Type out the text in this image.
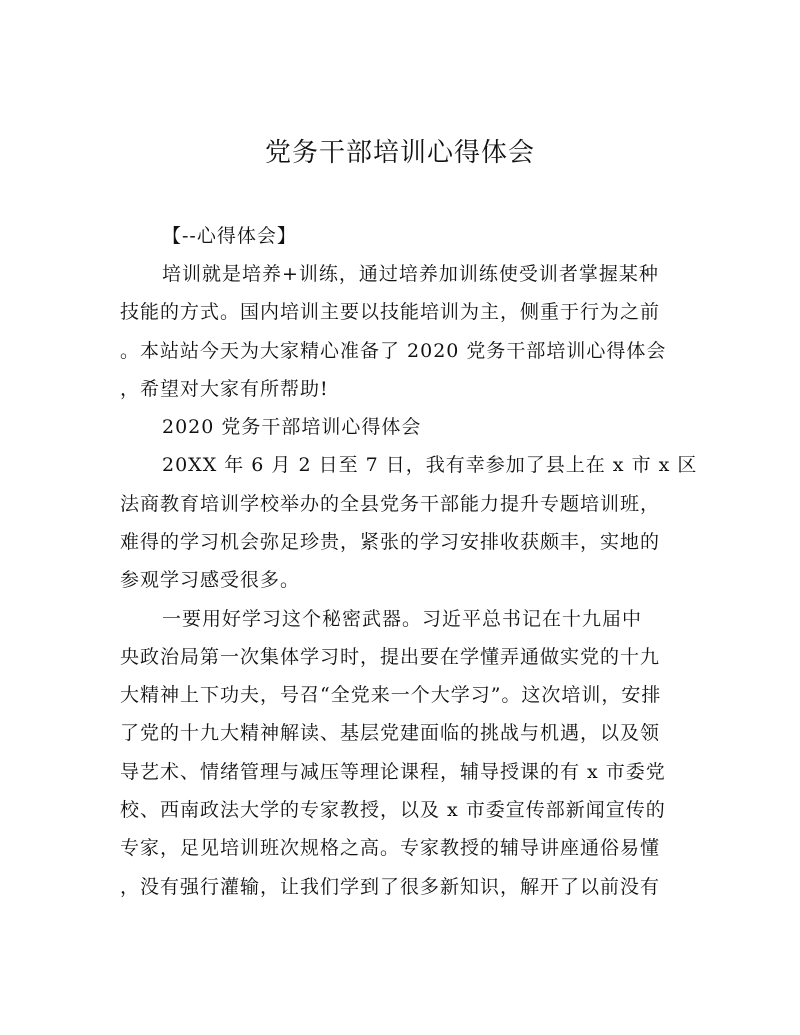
党务干部培训心得体会
【--心得体会】
培训就是培养+训练，通过培养加训练使受训者掌握某种
技能的方式。国内培训主要以技能培训为主，侧重于行为之前
。本站站今天为大家精心准备了 2020 党务干部培训心得体会
，希望对大家有所帮助!
2020 党务干部培训心得体会
20XX 年 6 月 2 日至 7 日，我有幸参加了县上在 x 市 x 区
法商教育培训学校举办的全县党务干部能力提升专题培训班，
难得的学习机会弥足珍贵，紧张的学习安排收获颇丰，实地的
参观学习感受很多。
一要用好学习这个秘密武器。习近平总书记在十九届中
央政治局第一次集体学习时，提出要在学懂弄通做实党的十九
大精神上下功夫，号召“全党来一个大学习”。这次培训，安排
了党的十九大精神解读、基层党建面临的挑战与机遇，以及领
导艺术、情绪管理与减压等理论课程，辅导授课的有 x 市委党
校、西南政法大学的专家教授，以及 x 市委宣传部新闻宣传的
专家，足见培训班次规格之高。专家教授的辅导讲座通俗易懂
，没有强行灌输，让我们学到了很多新知识，解开了以前没有
